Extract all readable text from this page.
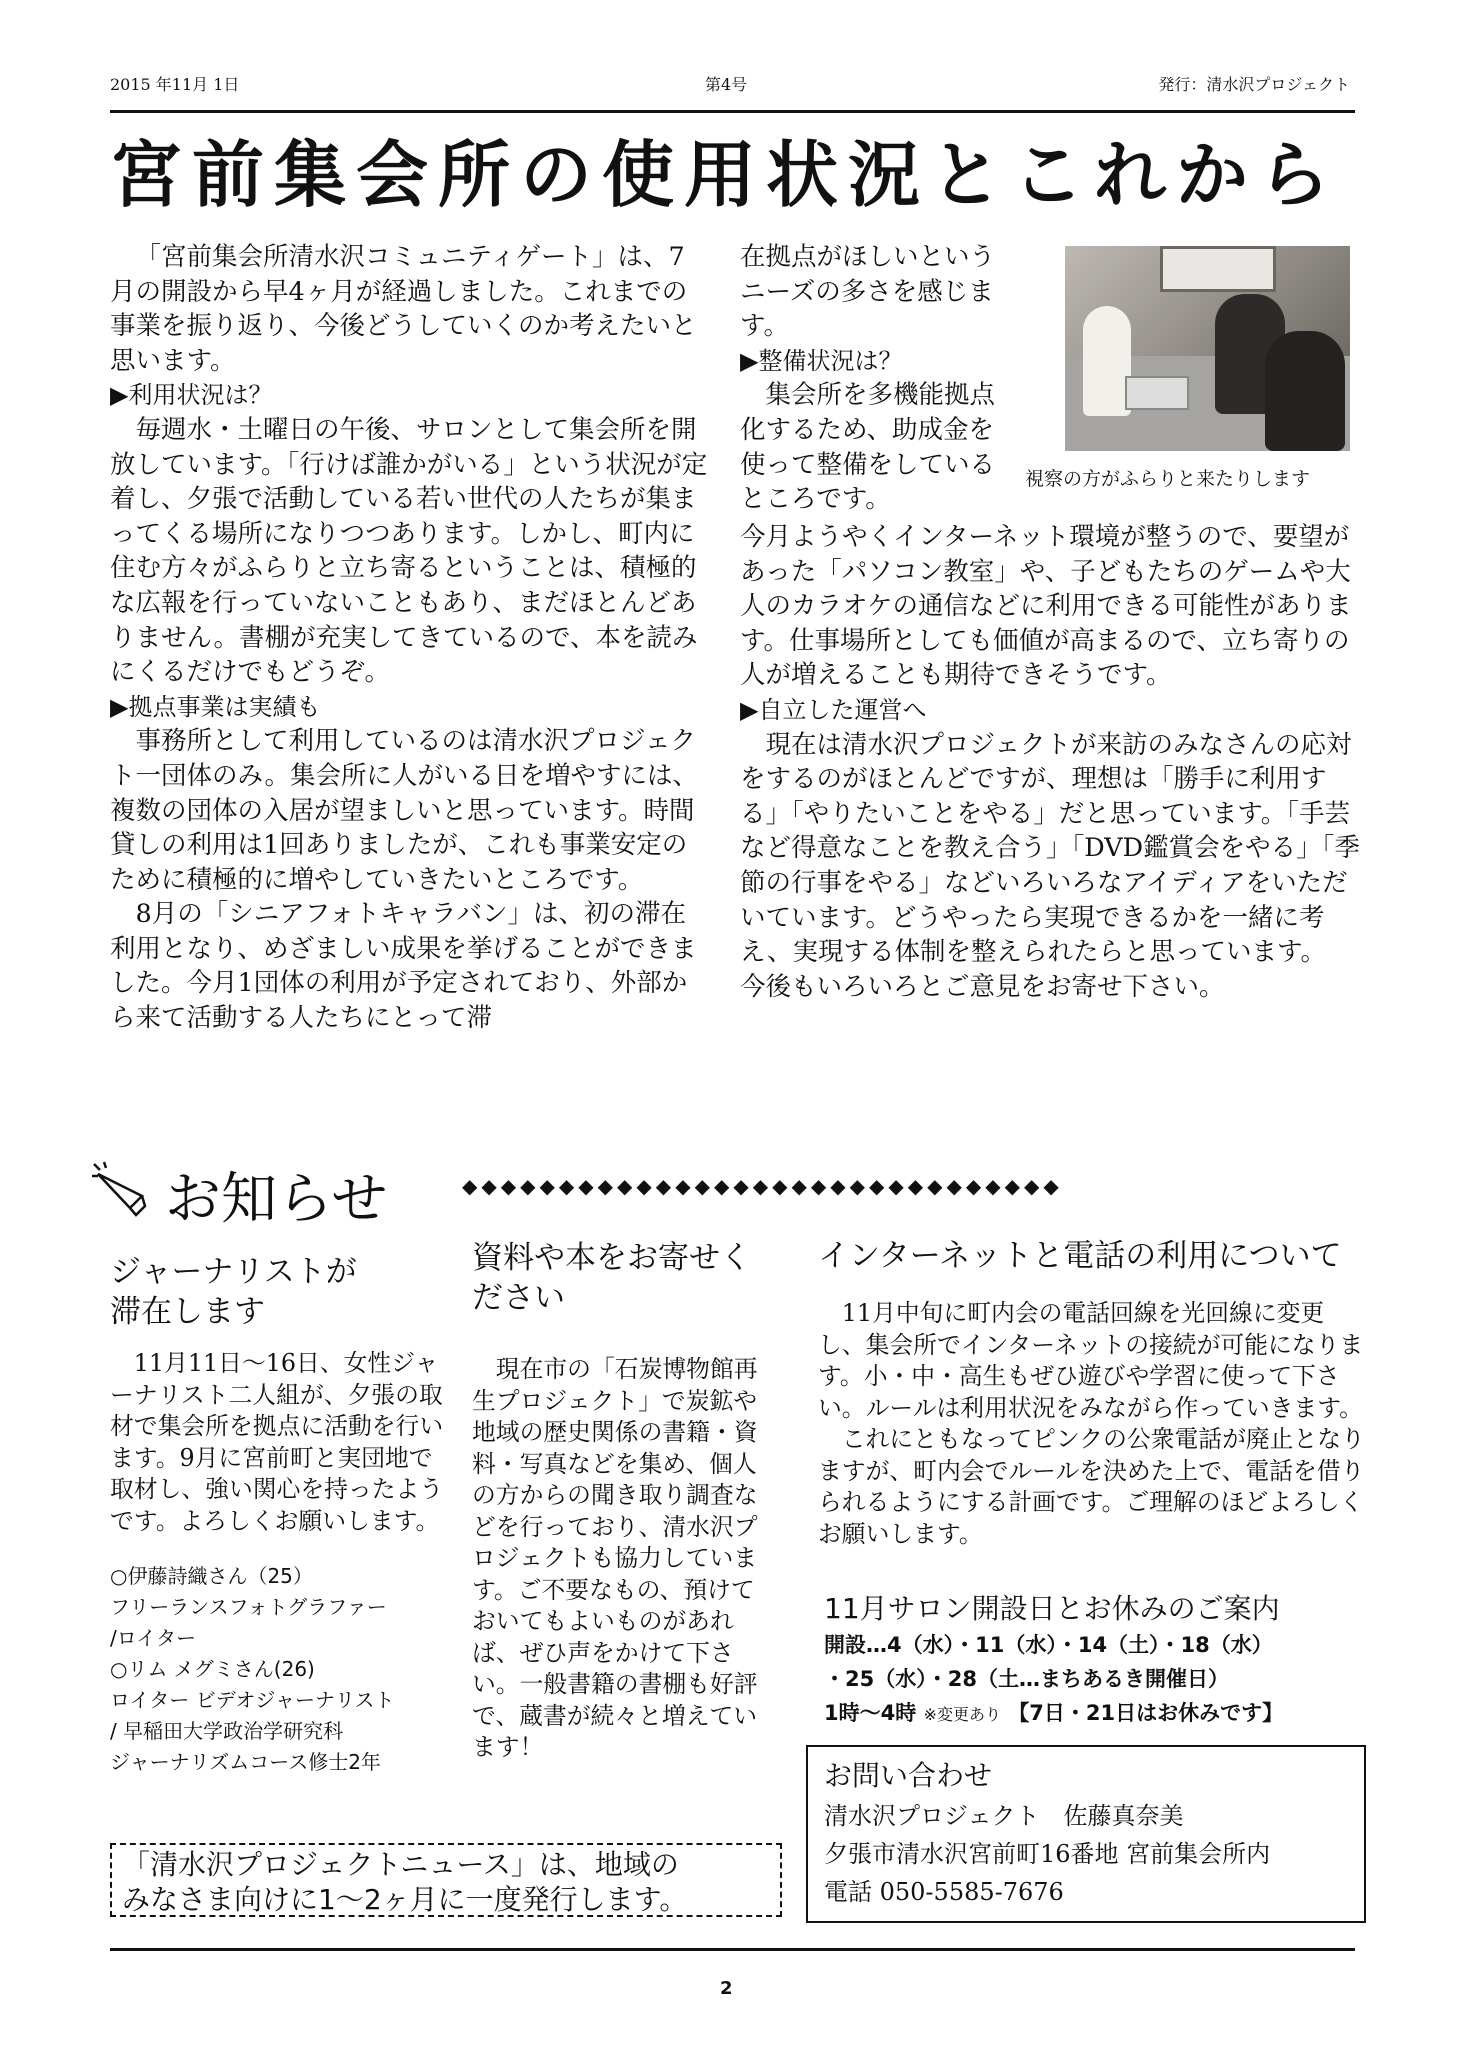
2015 年11月 1日	第4号	発行：清水沢プロジェクト
宮前集会所の使用状況とこれから

「宮前集会所清水沢コミュニティゲート」は、7月の開設から早4ヶ月が経過しました。これまでの事業を振り返り、今後どうしていくのか考えたいと思います。

▶利用状況は？

毎週水・土曜日の午後、サロンとして集会所を開放しています。「行けば誰かがいる」という状況が定着し、夕張で活動している若い世代の人たちが集まってくる場所になりつつあります。しかし、町内に住む方々がふらりと立ち寄るということは、積極的な広報を行っていないこともあり、まだほとんどありません。書棚が充実してきているので、本を読みにくるだけでもどうぞ。

▶拠点事業は実績も

事務所として利用しているのは清水沢プロジェクト一団体のみ。集会所に人がいる日を増やすには、複数の団体の入居が望ましいと思っています。時間貸しの利用は1回ありましたが、これも事業安定のために積極的に増やしていきたいところです。

8月の「シニアフォトキャラバン」は、初の滞在利用となり、めざましい成果を挙げることができました。今月1団体の利用が予定されており、外部から来て活動する人たちにとって滞

在拠点がほしいというニーズの多さを感じます。

▶整備状況は？

集会所を多機能拠点化するため、助成金を使って整備をしているところです。

視察の方がふらりと来たりします

今月ようやくインターネット環境が整うので、要望があった「パソコン教室」や、子どもたちのゲームや大人のカラオケの通信などに利用できる可能性があります。仕事場所としても価値が高まるので、立ち寄りの人が増えることも期待できそうです。

▶自立した運営へ

現在は清水沢プロジェクトが来訪のみなさんの応対をするのがほとんどですが、理想は「勝手に利用する」「やりたいことをやる」だと思っています。「手芸など得意なことを教え合う」「DVD鑑賞会をやる」「季節の行事をやる」などいろいろなアイディアをいただいています。どうやったら実現できるかを一緒に考え、実現する体制を整えられたらと思っています。

今後もいろいろとご意見をお寄せ下さい。

お知らせ	◆◆◆◆◆◆◆◆◆◆◆◆◆◆◆◆◆◆◆◆◆◆◆◆◆◆◆◆◆◆◆
ジャーナリストが
滞在します

11月11日～16日、女性ジャーナリスト二人組が、夕張の取材で集会所を拠点に活動を行います。9月に宮前町と実団地で取材し、強い関心を持ったようです。よろしくお願いします。

○伊藤詩織さん（25）
フリーランスフォトグラファー
/ロイター
○リム メグミさん(26)
ロイター ビデオジャーナリスト
/ 早稲田大学政治学研究科
ジャーナリズムコース修士2年
資料や本をお寄せく
ださい

現在市の「石炭博物館再生プロジェクト」で炭鉱や地域の歴史関係の書籍・資料・写真などを集め、個人の方からの聞き取り調査などを行っており、清水沢プロジェクトも協力しています。ご不要なもの、預けておいてもよいものがあれば、ぜひ声をかけて下さい。一般書籍の書棚も好評で、蔵書が続々と増えています！

インターネットと電話の利用について

11月中旬に町内会の電話回線を光回線に変更し、集会所でインターネットの接続が可能になります。小・中・高生もぜひ遊びや学習に使って下さい。ルールは利用状況をみながら作っていきます。

これにともなってピンクの公衆電話が廃止となりますが、町内会でルールを決めた上で、電話を借りられるようにする計画です。ご理解のほどよろしくお願いします。

11月サロン開設日とお休みのご案内
開設…4（水）・11（水）・14（土）・18（水）
・25（水）・28（土…まちあるき開催日）
1時～4時 ※変更あり 【7日・21日はお休みです】
お問い合わせ
清水沢プロジェクト　佐藤真奈美
夕張市清水沢宮前町16番地 宮前集会所内
電話 050-5585-7676
「清水沢プロジェクトニュース」は、地域の
みなさま向けに1～2ヶ月に一度発行します。
2
